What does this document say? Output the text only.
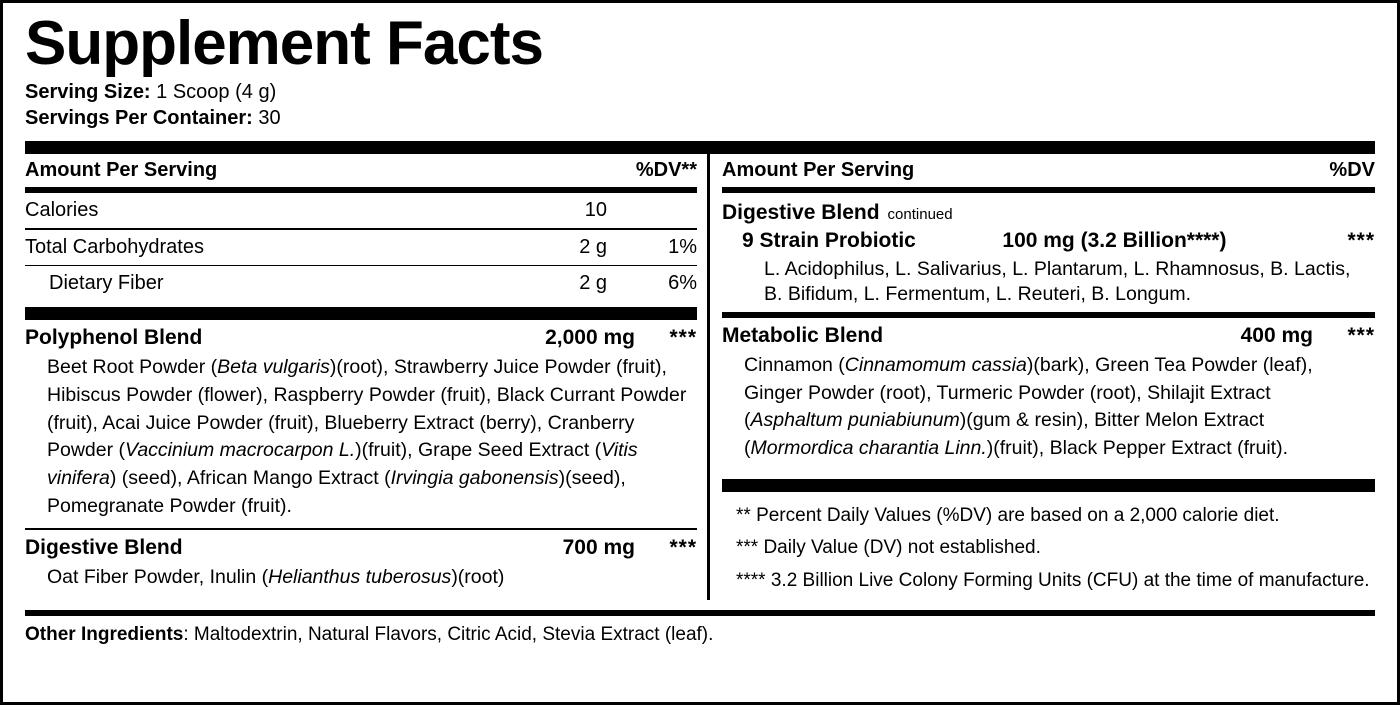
Supplement Facts
Serving Size: 1 Scoop (4 g)
Servings Per Container: 30
Amount Per Serving	%DV**
Calories	10
Total Carbohydrates	2 g	1%
Dietary Fiber	2 g	6%
Polyphenol Blend	2,000 mg	***
Beet Root Powder (Beta vulgaris)(root), Strawberry Juice Powder (fruit), Hibiscus Powder (flower), Raspberry Powder (fruit), Black Currant Powder (fruit), Acai Juice Powder (fruit), Blueberry Extract (berry), Cranberry Powder (Vaccinium macrocarpon L.)(fruit), Grape Seed Extract (Vitis vinifera) (seed), African Mango Extract (Irvingia gabonensis)(seed), Pomegranate Powder (fruit).
Digestive Blend	700 mg	***
Oat Fiber Powder, Inulin (Helianthus tuberosus)(root)
Amount Per Serving	%DV
Digestive Blend continued
9 Strain Probiotic	100 mg (3.2 Billion****)	***
L. Acidophilus, L. Salivarius, L. Plantarum, L. Rhamnosus, B. Lactis, B. Bifidum, L. Fermentum, L. Reuteri, B. Longum.
Metabolic Blend	400 mg	***
Cinnamon (Cinnamomum cassia)(bark), Green Tea Powder (leaf), Ginger Powder (root), Turmeric Powder (root), Shilajit Extract (Asphaltum puniabiunum)(gum & resin), Bitter Melon Extract (Mormordica charantia Linn.)(fruit), Black Pepper Extract (fruit).
** Percent Daily Values (%DV) are based on a 2,000 calorie diet.
*** Daily Value (DV) not established.
**** 3.2 Billion Live Colony Forming Units (CFU) at the time of manufacture.
Other Ingredients: Maltodextrin, Natural Flavors, Citric Acid, Stevia Extract (leaf).
